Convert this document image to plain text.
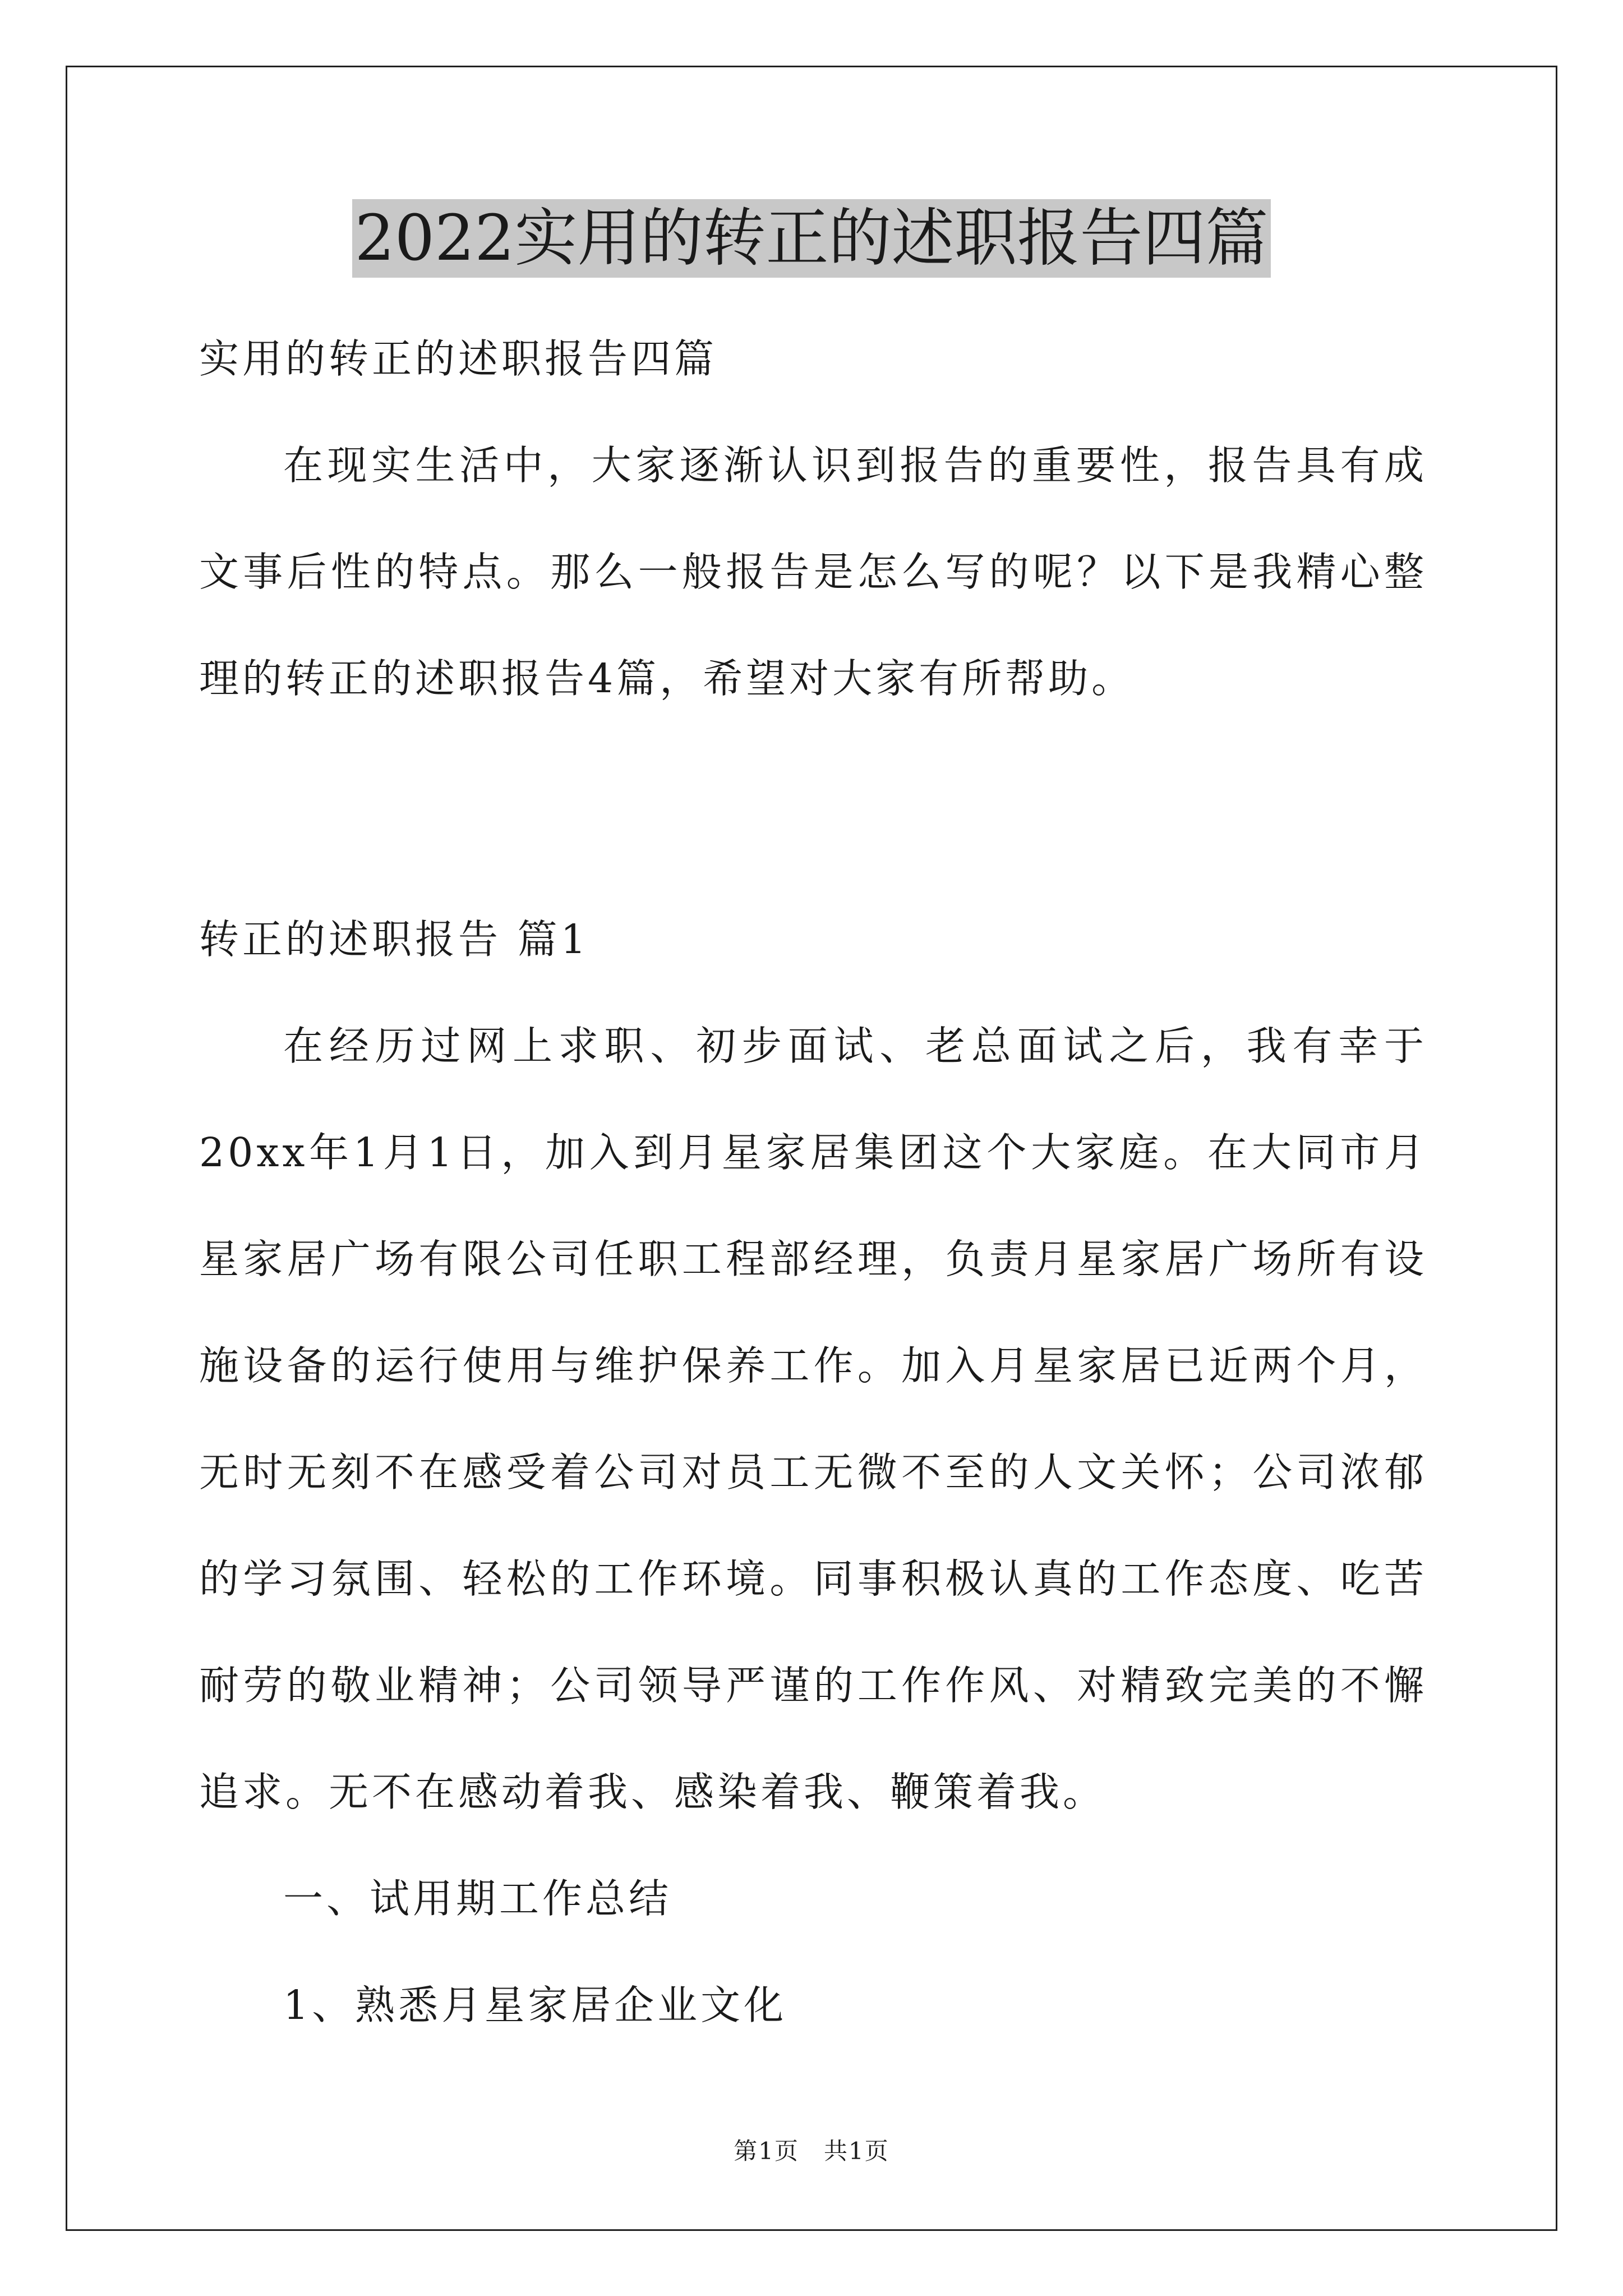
2022实用的转正的述职报告四篇
实用的转正的述职报告四篇
在现实生活中，大家逐渐认识到报告的重要性，报告具有成文事后性的特点。那么一般报告是怎么写的呢？以下是我精心整理的转正的述职报告4篇，希望对大家有所帮助。
转正的述职报告 篇1
在经历过网上求职、初步面试、老总面试之后，我有幸于20xx年1月1日，加入到月星家居集团这个大家庭。在大同市月星家居广场有限公司任职工程部经理，负责月星家居广场所有设施设备的运行使用与维护保养工作。加入月星家居已近两个月，无时无刻不在感受着公司对员工无微不至的人文关怀；公司浓郁的学习氛围、轻松的工作环境。同事积极认真的工作态度、吃苦耐劳的敬业精神；公司领导严谨的工作作风、对精致完美的不懈追求。无不在感动着我、感染着我、鞭策着我。
一、试用期工作总结
1、熟悉月星家居企业文化
第1页　共1页
